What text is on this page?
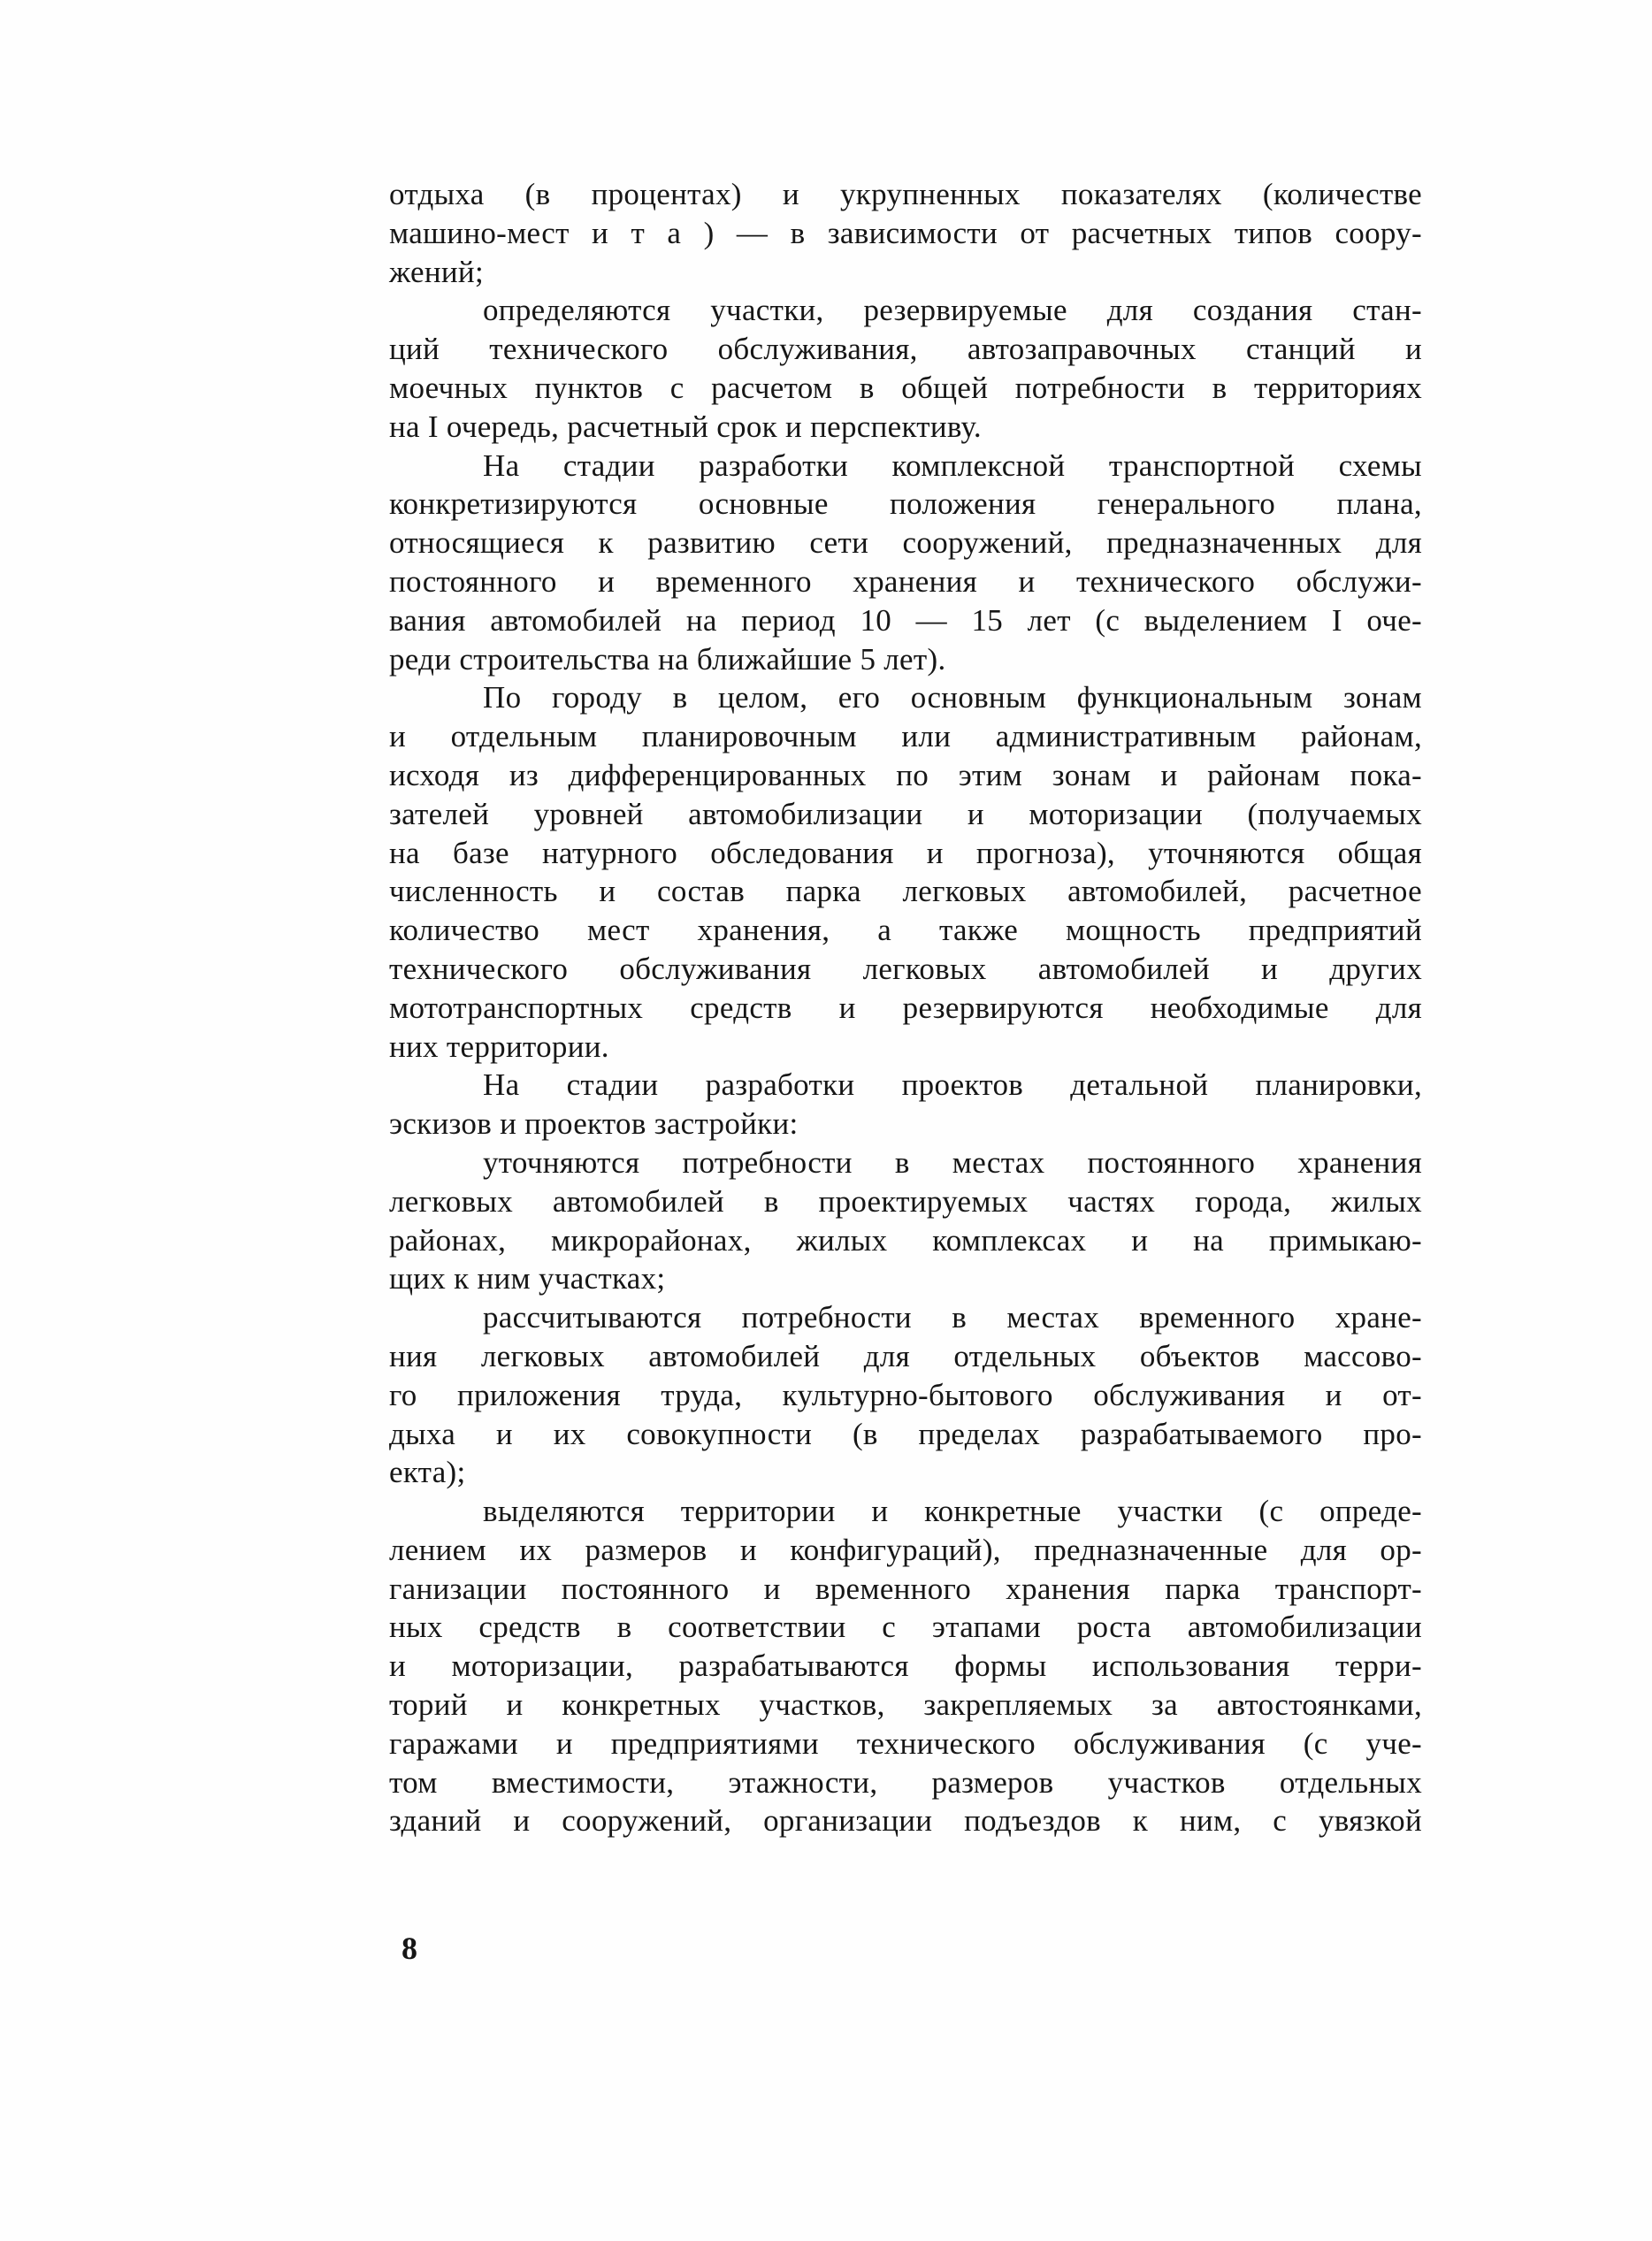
отдыха (в процентах) и укрупненных показателях (количестве
машино-мест и т а ) — в зависимости от расчетных типов соору-
жений;
определяются участки, резервируемые для создания стан-
ций технического обслуживания, автозаправочных станций и
моечных пунктов с расчетом в общей потребности в территориях
на I очередь, расчетный срок и перспективу.
На стадии разработки комплексной транспортной схемы
конкретизируются основные положения генерального плана,
относящиеся к развитию сети сооружений, предназначенных для
постоянного и временного хранения и технического обслужи-
вания автомобилей на период 10 — 15 лет (с выделением I оче-
реди строительства на ближайшие 5 лет).
По городу в целом, его основным функциональным зонам
и отдельным планировочным или административным районам,
исходя из дифференцированных по этим зонам и районам пока-
зателей уровней автомобилизации и моторизации (получаемых
на базе натурного обследования и прогноза), уточняются общая
численность и состав парка легковых автомобилей, расчетное
количество мест хранения, а также мощность предприятий
технического обслуживания легковых автомобилей и других
мототранспортных средств и резервируются необходимые для
них территории.
На стадии разработки проектов детальной планировки,
эскизов и проектов застройки:
уточняются потребности в местах постоянного хранения
легковых автомобилей в проектируемых частях города, жилых
районах, микрорайонах, жилых комплексах и на примыкаю-
щих к ним участках;
рассчитываются потребности в местах временного хране-
ния легковых автомобилей для отдельных объектов массово-
го приложения труда, культурно-бытового обслуживания и от-
дыха и их совокупности (в пределах разрабатываемого про-
екта);
выделяются территории и конкретные участки (с опреде-
лением их размеров и конфигураций), предназначенные для ор-
ганизации постоянного и временного хранения парка транспорт-
ных средств в соответствии с этапами роста автомобилизации
и моторизации, разрабатываются формы использования терри-
торий и конкретных участков, закрепляемых за автостоянками,
гаражами и предприятиями технического обслуживания (с уче-
том вместимости, этажности, размеров участков отдельных
зданий и сооружений, организации подъездов к ним, с увязкой
8
